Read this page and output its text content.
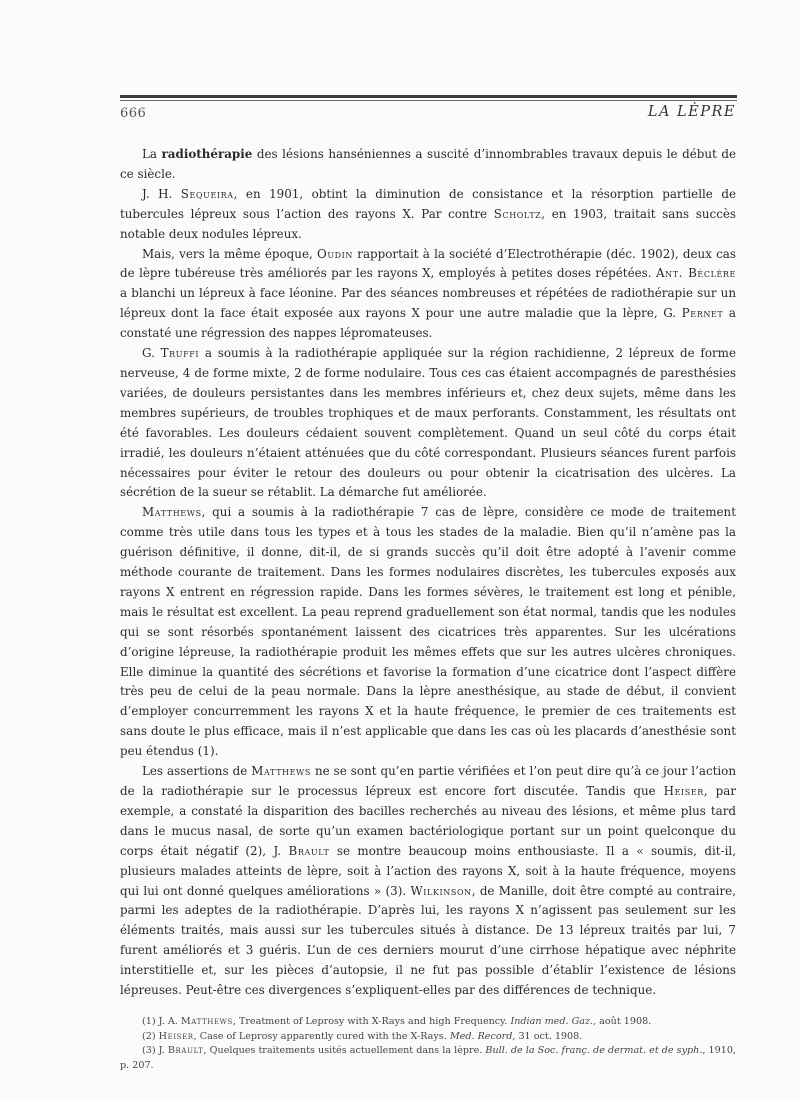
666	LA LÈPRE

La radiothérapie des lésions hanséniennes a suscité d’innombrables travaux depuis le début de ce siècle.

J. H. Sequeira, en 1901, obtint la diminution de consistance et la résorption partielle de tubercules lépreux sous l’action des rayons X. Par contre Scholtz, en 1903, traitait sans succès notable deux nodules lépreux.

Mais, vers la même époque, Oudin rapportait à la société d’Electrothérapie (déc. 1902), deux cas de lèpre tubéreuse très améliorés par les rayons X, employés à petites doses répétées. Ant. Béclère a blanchi un lépreux à face léonine. Par des séances nombreuses et répétées de radiothérapie sur un lépreux dont la face était exposée aux rayons X pour une autre maladie que la lèpre, G. Pernet a constaté une régression des nappes lépromateuses.

G. Truffi a soumis à la radiothérapie appliquée sur la région rachidienne, 2 lépreux de forme nerveuse, 4 de forme mixte, 2 de forme nodulaire. Tous ces cas étaient accompagnés de paresthésies variées, de douleurs persistantes dans les membres inférieurs et, chez deux sujets, même dans les membres supérieurs, de troubles trophiques et de maux perforants. Constamment, les résultats ont été favorables. Les douleurs cédaient souvent complètement. Quand un seul côté du corps était irradié, les douleurs n’étaient atténuées que du côté correspondant. Plusieurs séances furent parfois nécessaires pour éviter le retour des douleurs ou pour obtenir la cicatrisation des ulcères. La sécrétion de la sueur se rétablit. La démarche fut améliorée.

Matthews, qui a soumis à la radiothérapie 7 cas de lèpre, considère ce mode de traitement comme très utile dans tous les types et à tous les stades de la maladie. Bien qu’il n’amène pas la guérison définitive, il donne, dit-il, de si grands succès qu’il doit être adopté à l’avenir comme méthode courante de traitement. Dans les formes nodulaires discrètes, les tubercules exposés aux rayons X entrent en régression rapide. Dans les formes sévères, le traitement est long et pénible, mais le résultat est excellent. La peau reprend graduellement son état normal, tandis que les nodules qui se sont résorbés spontanément laissent des cicatrices très apparentes. Sur les ulcérations d’origine lépreuse, la radiothérapie produit les mêmes effets que sur les autres ulcères chroniques. Elle diminue la quantité des sécrétions et favorise la formation d’une cicatrice dont l’aspect diffère très peu de celui de la peau normale. Dans la lèpre anesthésique, au stade de début, il convient d’employer concurremment les rayons X et la haute fréquence, le premier de ces traitements est sans doute le plus efficace, mais il n’est applicable que dans les cas où les placards d’anesthésie sont peu étendus (1).

Les assertions de Matthews ne se sont qu’en partie vérifiées et l’on peut dire qu’à ce jour l’action de la radiothérapie sur le processus lépreux est encore fort discutée. Tandis que Heiser, par exemple, a constaté la disparition des bacilles recherchés au niveau des lésions, et même plus tard dans le mucus nasal, de sorte qu’un examen bactériologique portant sur un point quelconque du corps était négatif (2), J. Brault se montre beaucoup moins enthousiaste. Il a « soumis, dit-il, plusieurs malades atteints de lèpre, soit à l’action des rayons X, soit à la haute fréquence, moyens qui lui ont donné quelques améliorations » (3). Wilkinson, de Manille, doit être compté au contraire, parmi les adeptes de la radiothérapie. D’après lui, les rayons X n’agissent pas seulement sur les éléments traités, mais aussi sur les tubercules situés à distance. De 13 lépreux traités par lui, 7 furent améliorés et 3 guéris. L’un de ces derniers mourut d’une cirrhose hépatique avec néphrite interstitielle et, sur les pièces d’autopsie, il ne fut pas possible d’établir l’existence de lésions lépreuses. Peut-être ces divergences s’expliquent-elles par des différences de technique.

(1) J. A. Matthews, Treatment of Leprosy with X-Rays and high Frequency. Indian med. Gaz., août 1908.

(2) Heiser, Case of Leprosy apparently cured with the X-Rays. Med. Record, 31 oct. 1908.

(3) J. Brault, Quelques traitements usités actuellement dans la lèpre. Bull. de la Soc. franç. de dermat. et de syph., 1910, p. 207.
